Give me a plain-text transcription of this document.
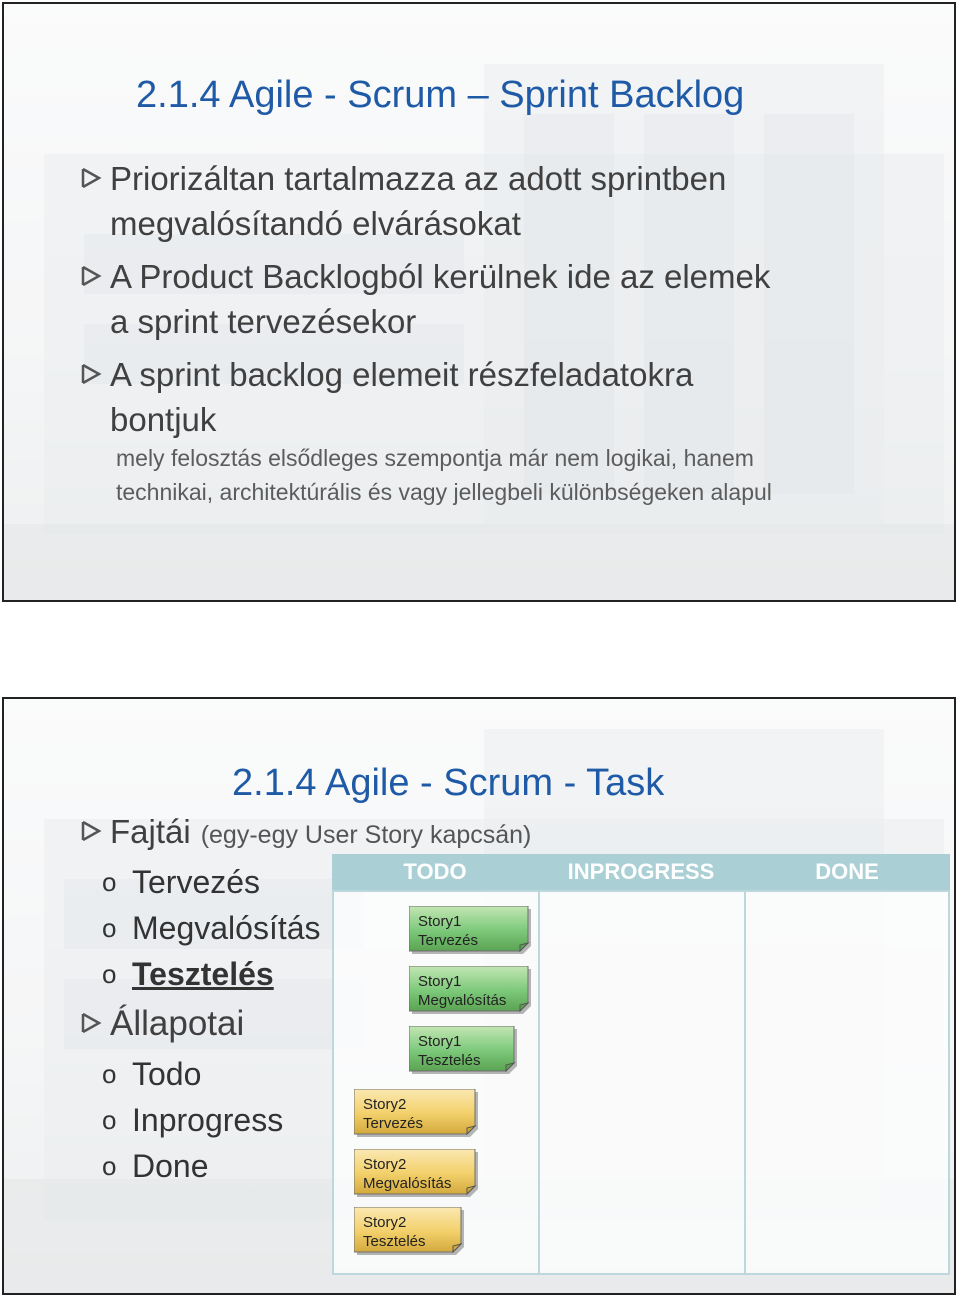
2.1.4 Agile - Scrum – Sprint Backlog
Priorizáltan tartalmazza az adott sprintben
megvalósítandó elvárásokat
A Product Backlogból kerülnek ide az elemek
a sprint tervezésekor
A sprint backlog elemeit részfeladatokra
bontjuk
mely felosztás elsődleges szempontja már nem logikai, hanem
technikai, architektúrális és vagy jellegbeli különbségeken alapul
2.1.4 Agile - Scrum - Task
Fajtái (egy-egy User Story kapcsán)
o Tervezés
o Megvalósítás
o Tesztelés
Állapotai
o Todo
o Inprogress
o Done
TODO	INPROGRESS	DONE
Story1
Tervezés
Story1
Megvalósítás
Story1
Tesztelés
Story2
Tervezés
Story2
Megvalósítás
Story2
Tesztelés
